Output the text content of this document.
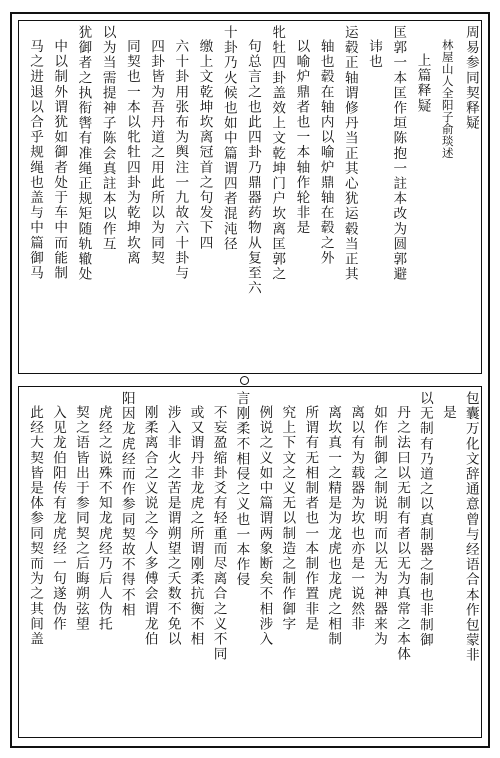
周易参同契释疑
林屋山人全阳子俞琰述
上篇释疑
匡郭一本匡作垣陈抱一註本改为圆郭避
讳也
运毂正轴谓修丹当正其心犹运毂当正其
轴也毂在轴内以喻炉鼎轴在毂之外
以喻炉鼎者也一本轴作轮非是
牝牡四卦盖效上文乾坤门户坎离匡郭之
句总言之也此四卦乃鼎器药物从复至六
十卦乃火候也如中篇谓四者混沌径
缴上文乾坤坎离冠首之句发下四
六十卦用张布为舆注一九故六十卦与
四卦皆为吾丹道之用此所以为同契
同契也一本以牝牡四卦为乾坤坎离
以为当需提神子陈会真註本以作互
犹御者之执衔辔有准绳正规矩随轨辙处
中以制外谓犹如御者处于车中而能制
马之进退以合乎规绳也盖与中篇御马
包囊万化文辞通意曾与经语合本作包蒙非
是
以无制有乃道之以真制器之制也非制御
丹之法曰以无制有者以无为真常之本体
如作制御之制说明而以无为神器来为
离以有为载器为坎也亦是一说然非
离坎真一之精是为龙虎也龙虎之相制
所谓有无相制者也一本制作置非是
究上下文之义无以制造之制作御字
例说之义如中篇谓两象断矣不相涉入
言刚柔不相侵之义也一本作侵
不妄盈缩卦爻有轻重而尽离合之义不同
或又谓丹非龙虎之所谓刚柔抗衡不相
涉入非火之苦是谓朔望之夭数不免以
刚柔离合之义说之今人多傅会谓龙伯
阳因龙虎经而作参同契故不得不相
虎经之说殊不知龙虎经乃后人伪托
契之语皆出于参同契之后晦朔弦望
入见龙伯阳传有龙虎经一句遂伪作
此经大契皆是体参同契而为之其间盖
